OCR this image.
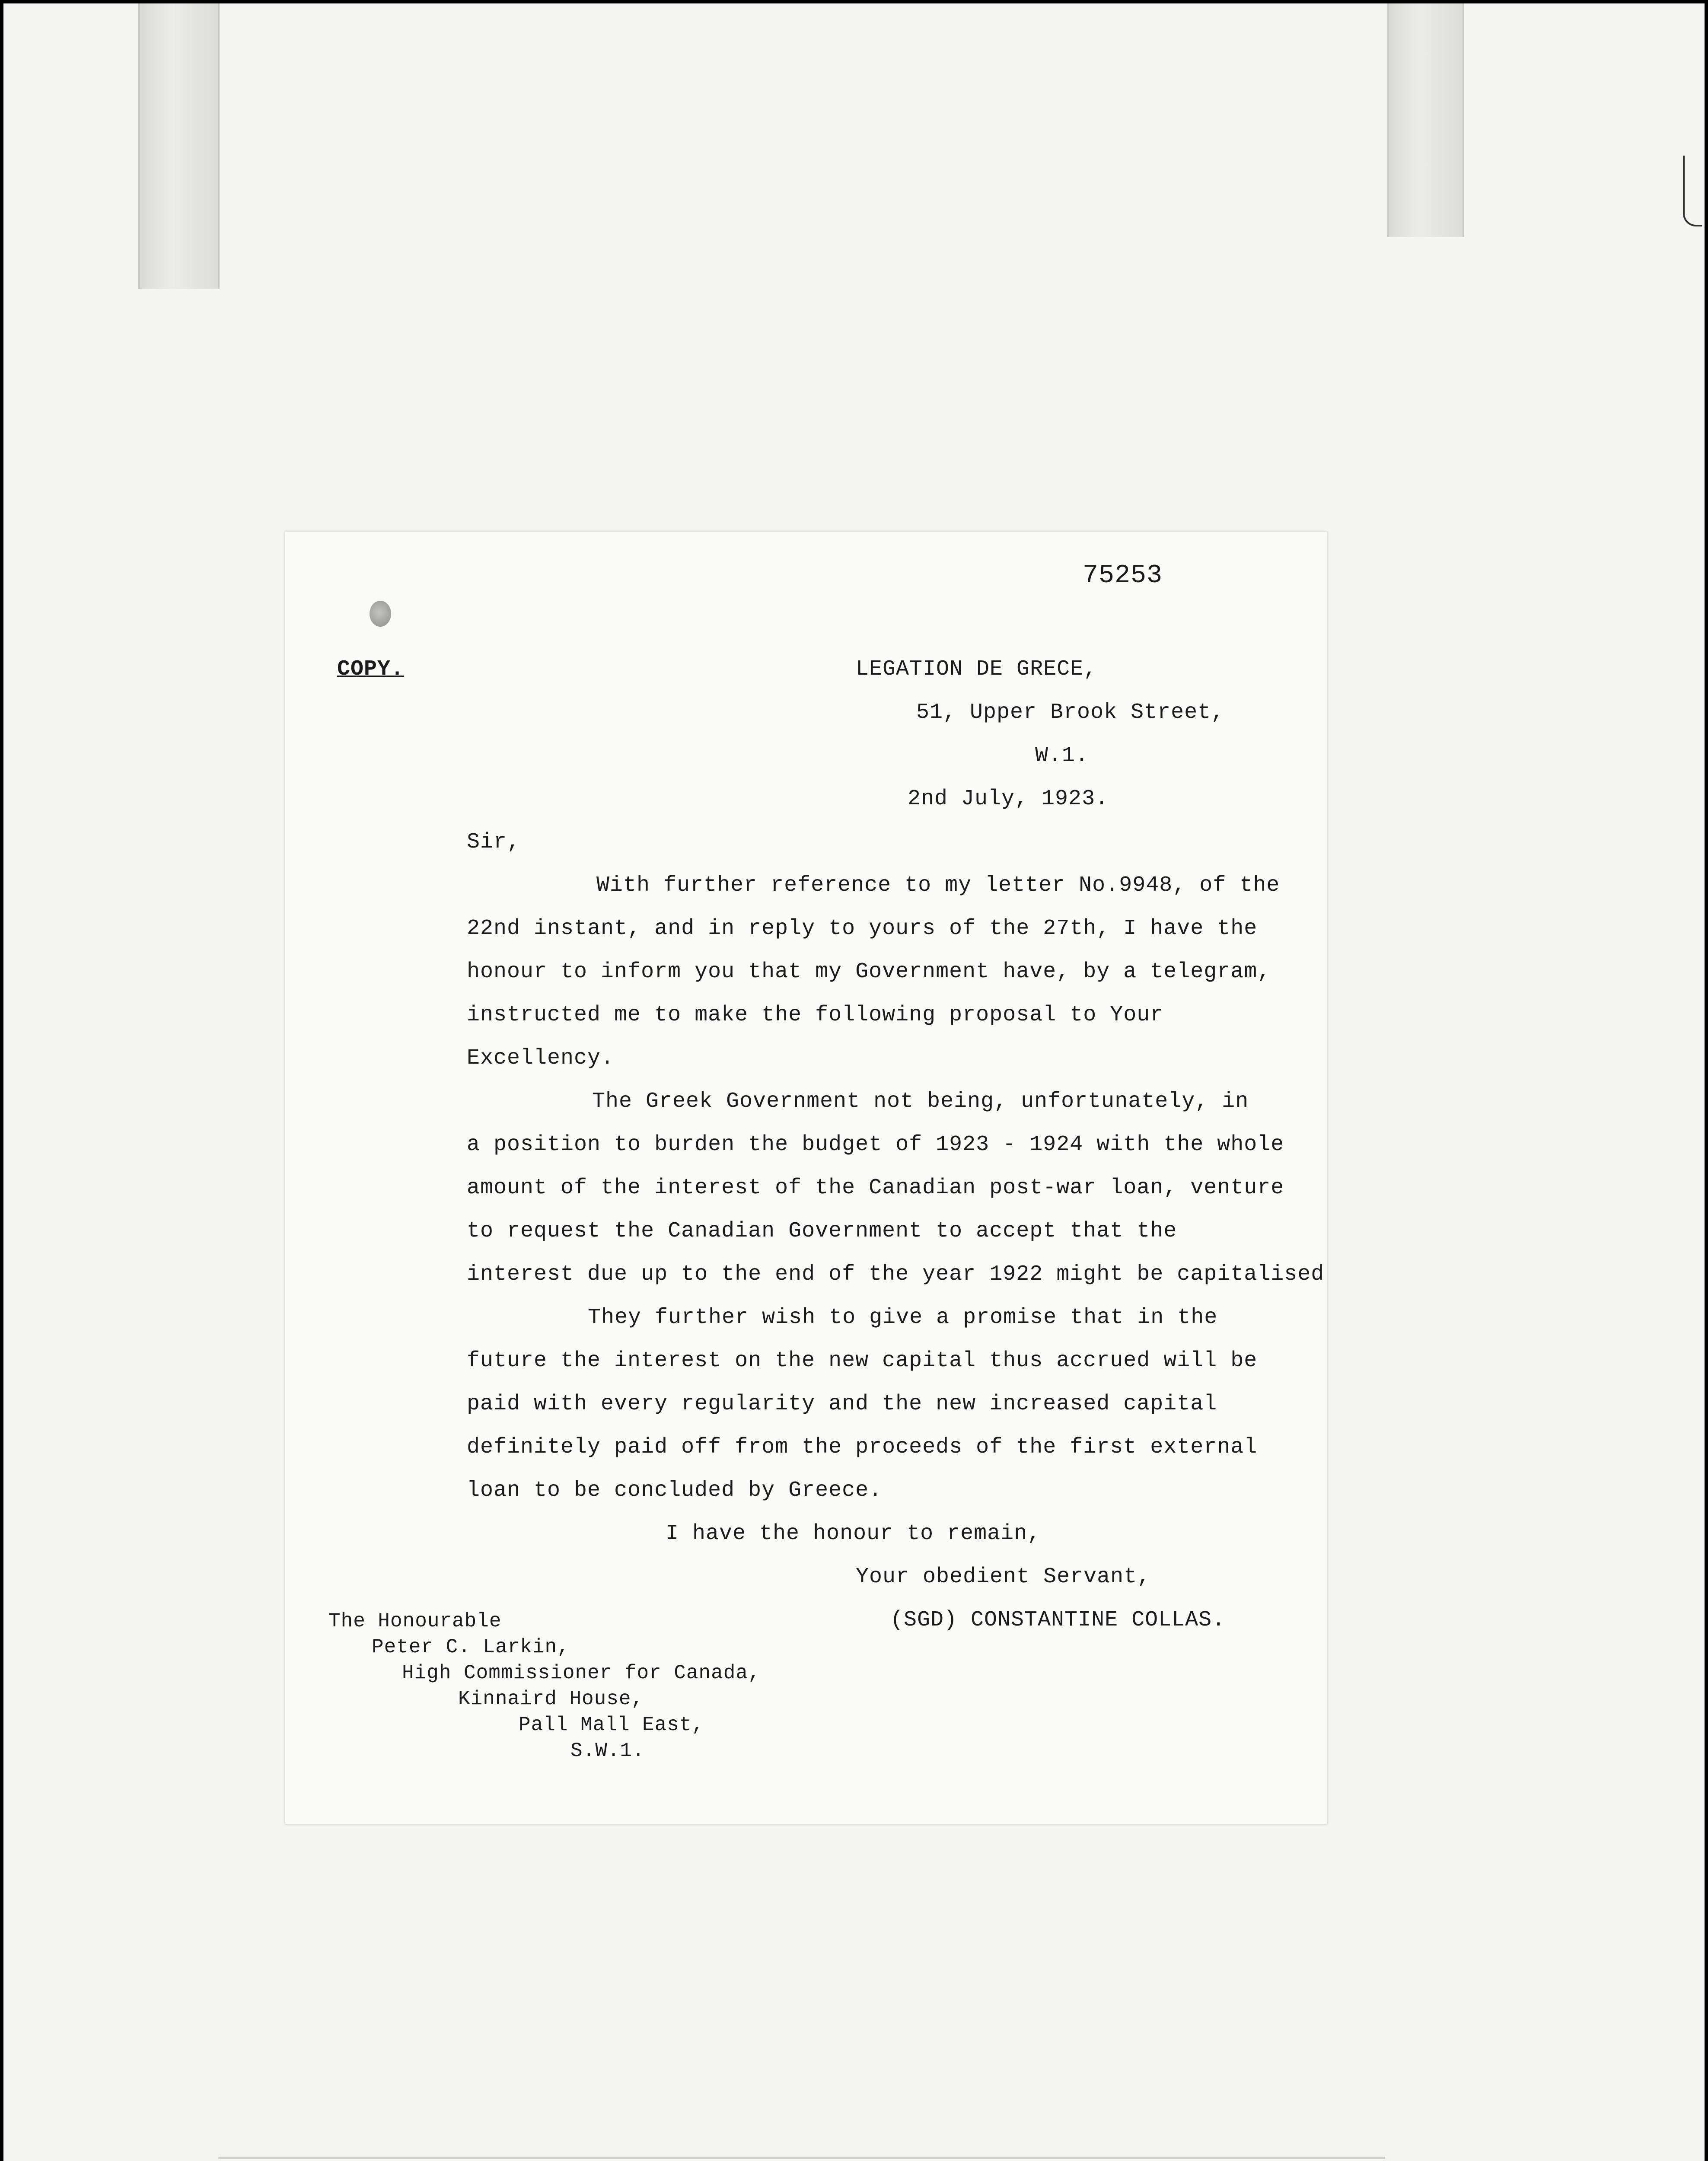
75253
COPY.	LEGATION DE GRECE,
51, Upper Brook Street,
W.1.
2nd July, 1923.
Sir,
With further reference to my letter No.9948, of the
22nd instant, and in reply to yours of the 27th, I have the
honour to inform you that my Government have, by a telegram,
instructed me to make the following proposal to Your
Excellency.
The Greek Government not being, unfortunately, in
a position to burden the budget of 1923 - 1924 with the whole
amount of the interest of the Canadian post-war loan, venture
to request the Canadian Government to accept that the
interest due up to the end of the year 1922 might be capitalised
They further wish to give a promise that in the
future the interest on the new capital thus accrued will be
paid with every regularity and the new increased capital
definitely paid off from the proceeds of the first external
loan to be concluded by Greece.
I have the honour to remain,
Your obedient Servant,
(SGD) CONSTANTINE COLLAS.
The Honourable
Peter C. Larkin,
High Commissioner for Canada,
Kinnaird House,
Pall Mall East,
S.W.1.
